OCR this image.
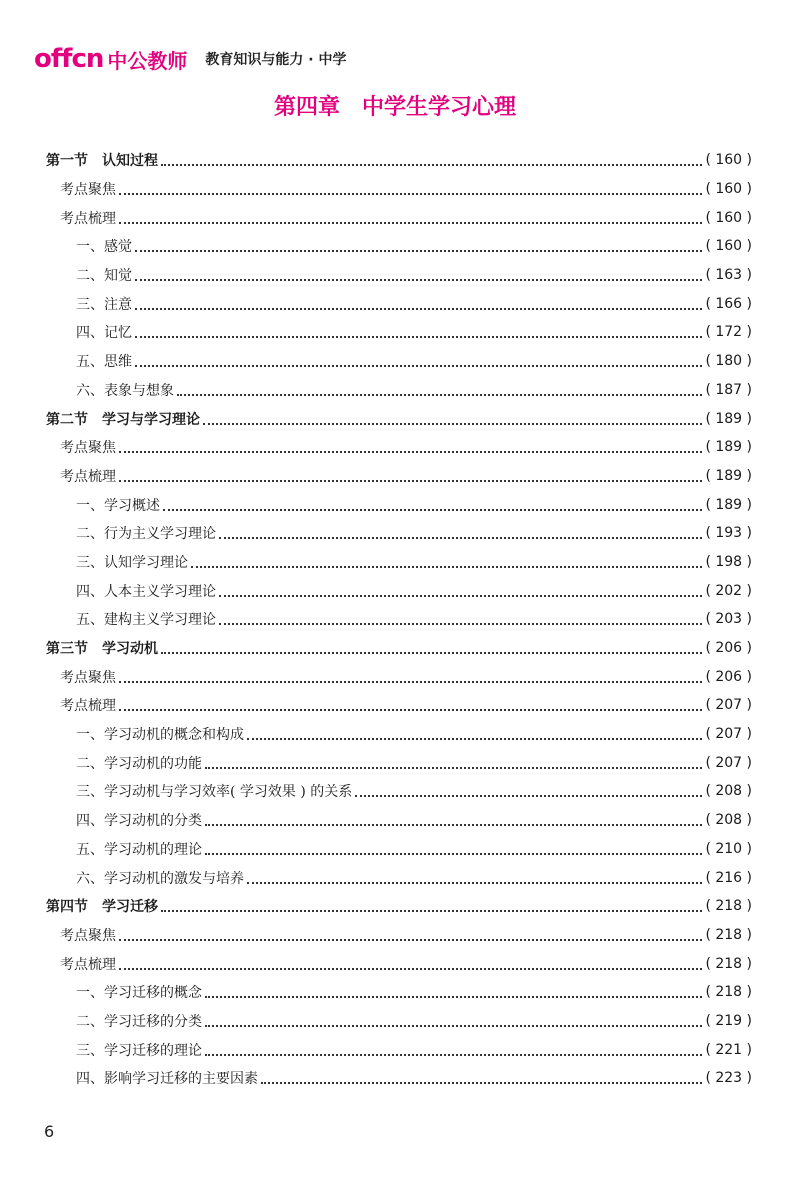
offcn 中公教师 教育知识与能力 · 中学
第四章　中学生学习心理
第一节　认知过程	( 160 )
考点聚焦	( 160 )
考点梳理	( 160 )
一、感觉	( 160 )
二、知觉	( 163 )
三、注意	( 166 )
四、记忆	( 172 )
五、思维	( 180 )
六、表象与想象	( 187 )
第二节　学习与学习理论	( 189 )
考点聚焦	( 189 )
考点梳理	( 189 )
一、学习概述	( 189 )
二、行为主义学习理论	( 193 )
三、认知学习理论	( 198 )
四、人本主义学习理论	( 202 )
五、建构主义学习理论	( 203 )
第三节　学习动机	( 206 )
考点聚焦	( 206 )
考点梳理	( 207 )
一、学习动机的概念和构成	( 207 )
二、学习动机的功能	( 207 )
三、学习动机与学习效率( 学习效果 ) 的关系	( 208 )
四、学习动机的分类	( 208 )
五、学习动机的理论	( 210 )
六、学习动机的激发与培养	( 216 )
第四节　学习迁移	( 218 )
考点聚焦	( 218 )
考点梳理	( 218 )
一、学习迁移的概念	( 218 )
二、学习迁移的分类	( 219 )
三、学习迁移的理论	( 221 )
四、影响学习迁移的主要因素	( 223 )
6
